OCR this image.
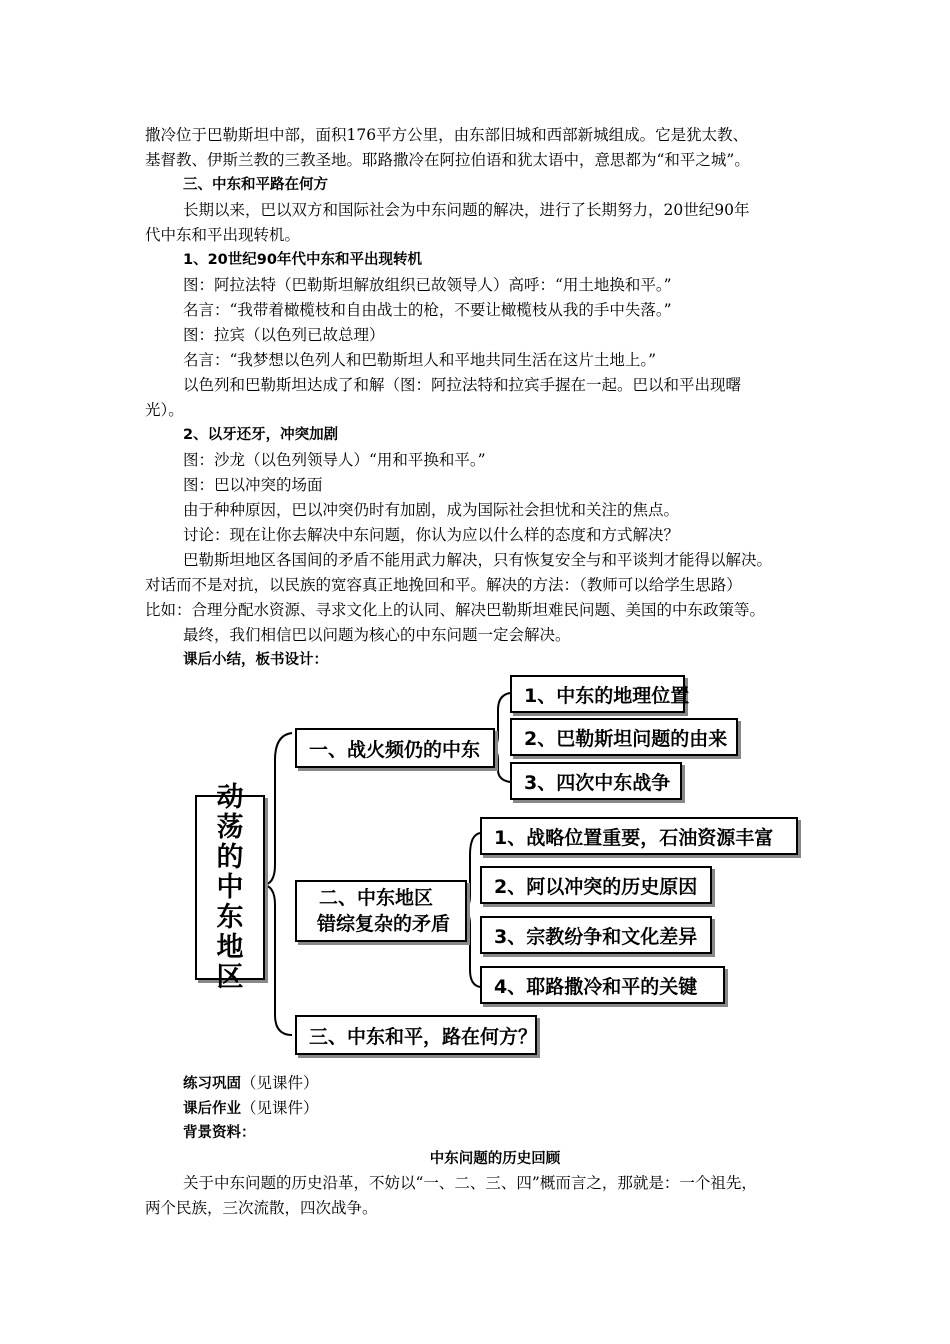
撒冷位于巴勒斯坦中部，面积176平方公里，由东部旧城和西部新城组成。它是犹太教、
基督教、伊斯兰教的三教圣地。耶路撒冷在阿拉伯语和犹太语中，意思都为“和平之城”。
三、中东和平路在何方
长期以来，巴以双方和国际社会为中东问题的解决，进行了长期努力，20世纪90年
代中东和平出现转机。
1、20世纪90年代中东和平出现转机
图：阿拉法特（巴勒斯坦解放组织已故领导人）高呼：“用土地换和平。”
名言：“我带着橄榄枝和自由战士的枪，不要让橄榄枝从我的手中失落。”
图：拉宾（以色列已故总理）
名言：“我梦想以色列人和巴勒斯坦人和平地共同生活在这片土地上。”
以色列和巴勒斯坦达成了和解（图：阿拉法特和拉宾手握在一起。巴以和平出现曙
光）。
2、以牙还牙，冲突加剧
图：沙龙（以色列领导人）“用和平换和平。”
图：巴以冲突的场面
由于种种原因，巴以冲突仍时有加剧，成为国际社会担忧和关注的焦点。
讨论：现在让你去解决中东问题，你认为应以什么样的态度和方式解决？
巴勒斯坦地区各国间的矛盾不能用武力解决，只有恢复安全与和平谈判才能得以解决。
对话而不是对抗，以民族的宽容真正地挽回和平。解决的方法：（教师可以给学生思路）
比如：合理分配水资源、寻求文化上的认同、解决巴勒斯坦难民问题、美国的中东政策等。
最终，我们相信巴以问题为核心的中东问题一定会解决。
课后小结，板书设计：
动
荡
的
中
东
地
区
一、战火频仍的中东
1、中东的地理位置
2、巴勒斯坦问题的由来
3、四次中东战争
二、中东地区
错综复杂的矛盾
1、战略位置重要，石油资源丰富
2、阿以冲突的历史原因
3、宗教纷争和文化差异
4、耶路撒冷和平的关键
三、中东和平，路在何方？
练习巩固（见课件）
课后作业（见课件）
背景资料：
中东问题的历史回顾
关于中东问题的历史沿革，不妨以“一、二、三、四”概而言之，那就是：一个祖先，
两个民族，三次流散，四次战争。
